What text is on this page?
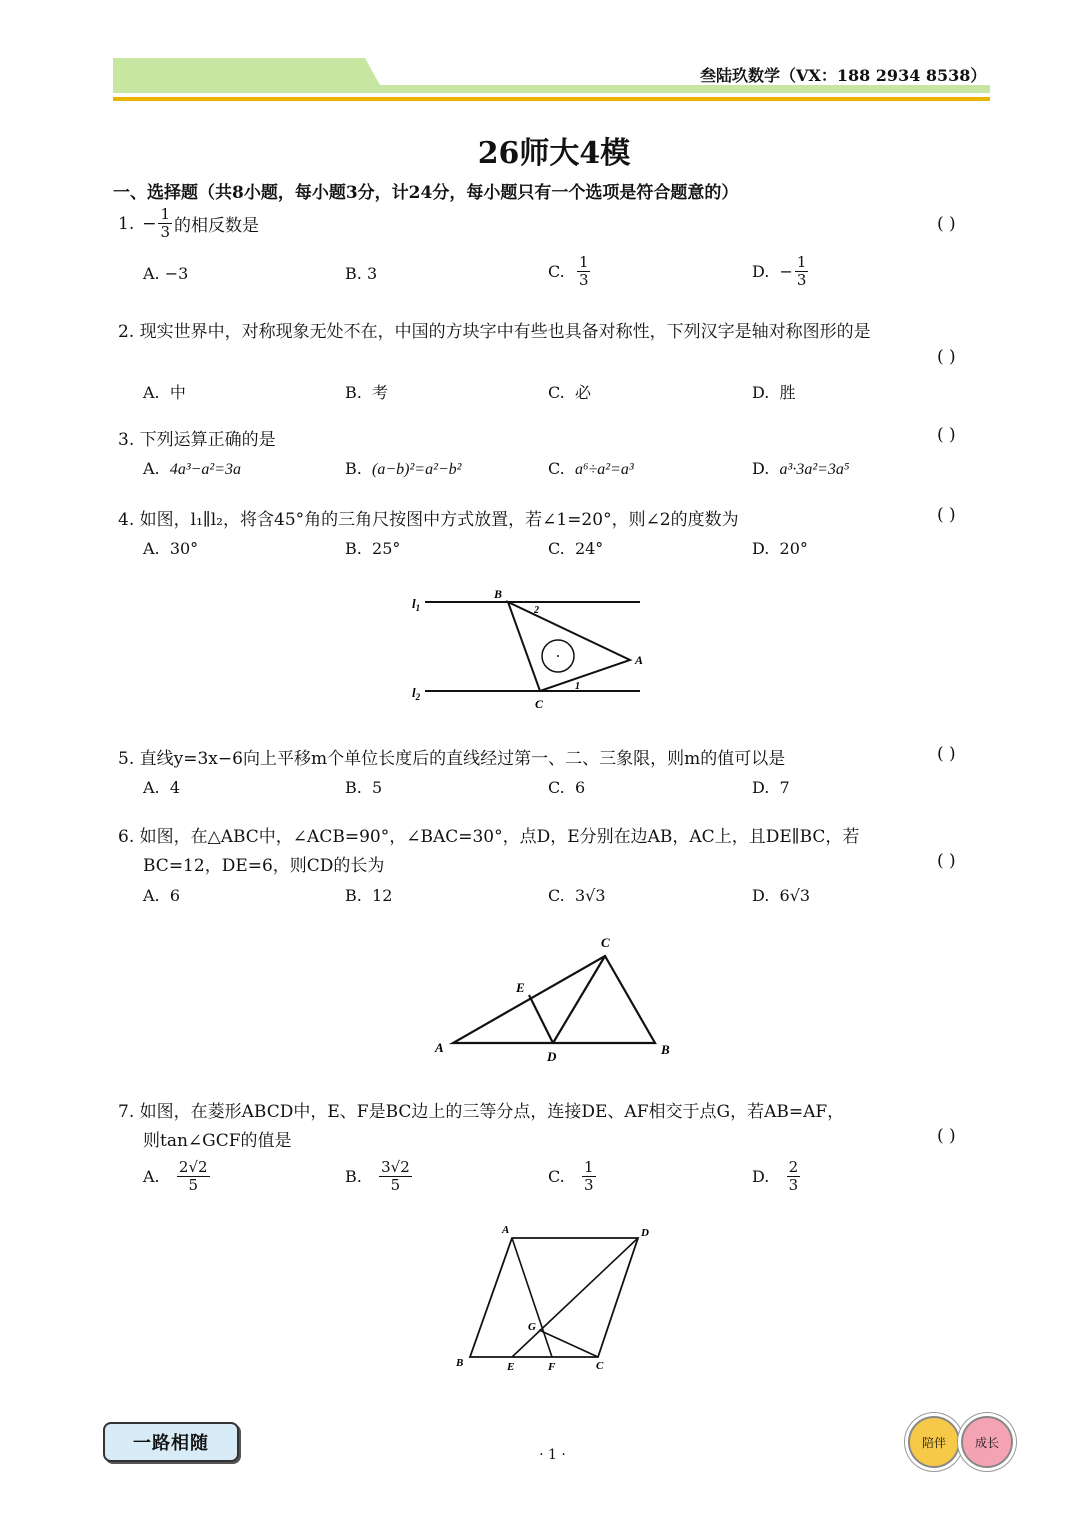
叁陆玖数学（VX：188 2934 8538）
26师大4模
一、选择题（共8小题，每小题3分，计24分，每小题只有一个选项是符合题意的）
1. − $\frac{1}{3}$ 的相反数是	( )
A. −3	B. 3	C.
$\frac{1}{3}$	D.
− $\frac{1}{3}$
2. 现实世界中，对称现象无处不在，中国的方块字中有些也具备对称性，下列汉字是轴对称图形的是
( )
A. 中	B. 考	C. 必	D. 胜
3. 下列运算正确的是	( )
A. 4a³−a²=3a	B. (a−b)²=a²−b²	C. a⁶÷a²=a³	D. a³·3a²=3a⁵
4. 如图，l₁∥l₂，将含45°角的三角尺按图中方式放置，若∠1=20°，则∠2的度数为	( )
A. 30°	B. 25°	C. 24°	D. 20°
$l_1$
$l_2$
B
A
C
2
1
5. 直线y=3x−6向上平移m个单位长度后的直线经过第一、二、三象限，则m的值可以是	( )
A. 4	B. 5	C. 6	D. 7
6. 如图，在△ABC中，∠ACB=90°，∠BAC=30°，点D，E分别在边AB，AC上，且DE∥BC，若
BC=12，DE=6，则CD的长为	( )
A. 6	B. 12	C. 3√3	D. 6√3
A	B
C
D
E
7. 如图，在菱形ABCD中，E、F是BC边上的三等分点，连接DE、AF相交于点G，若AB=AF，
则tan∠GCF的值是	( )
A.
$\frac{2√2}{5}$	B.
$\frac{3√2}{5}$	C.
$\frac{1}{3}$	D.
$\frac{2}{3}$
A	D
B	E	F	C
G
一路相随
· 1 ·
陪伴	成长
